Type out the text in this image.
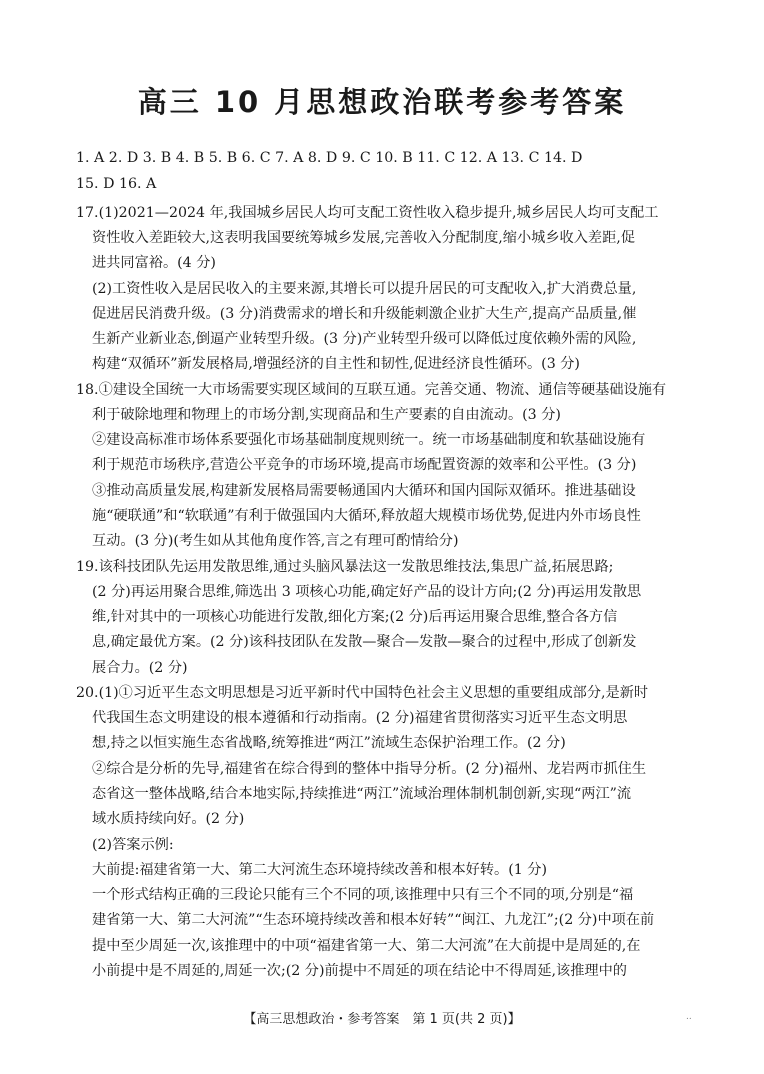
高三 10 月思想政治联考参考答案
1. A 2. D 3. B 4. B 5. B 6. C 7. A 8. D 9. C 10. B 11. C 12. A 13. C 14. D
15. D 16. A
17.(1)2021—2024 年,我国城乡居民人均可支配工资性收入稳步提升,城乡居民人均可支配工
资性收入差距较大,这表明我国要统筹城乡发展,完善收入分配制度,缩小城乡收入差距,促
进共同富裕。(4 分)
(2)工资性收入是居民收入的主要来源,其增长可以提升居民的可支配收入,扩大消费总量,
促进居民消费升级。(3 分)消费需求的增长和升级能刺激企业扩大生产,提高产品质量,催
生新产业新业态,倒逼产业转型升级。(3 分)产业转型升级可以降低过度依赖外需的风险,
构建“双循环”新发展格局,增强经济的自主性和韧性,促进经济良性循环。(3 分)
18.①建设全国统一大市场需要实现区域间的互联互通。完善交通、物流、通信等硬基础设施有
利于破除地理和物理上的市场分割,实现商品和生产要素的自由流动。(3 分)
②建设高标准市场体系要强化市场基础制度规则统一。统一市场基础制度和软基础设施有
利于规范市场秩序,营造公平竞争的市场环境,提高市场配置资源的效率和公平性。(3 分)
③推动高质量发展,构建新发展格局需要畅通国内大循环和国内国际双循环。推进基础设
施“硬联通”和“软联通”有利于做强国内大循环,释放超大规模市场优势,促进内外市场良性
互动。(3 分)(考生如从其他角度作答,言之有理可酌情给分)
19.该科技团队先运用发散思维,通过头脑风暴法这一发散思维技法,集思广益,拓展思路;
(2 分)再运用聚合思维,筛选出 3 项核心功能,确定好产品的设计方向;(2 分)再运用发散思
维,针对其中的一项核心功能进行发散,细化方案;(2 分)后再运用聚合思维,整合各方信
息,确定最优方案。(2 分)该科技团队在发散—聚合—发散—聚合的过程中,形成了创新发
展合力。(2 分)
20.(1)①习近平生态文明思想是习近平新时代中国特色社会主义思想的重要组成部分,是新时
代我国生态文明建设的根本遵循和行动指南。(2 分)福建省贯彻落实习近平生态文明思
想,持之以恒实施生态省战略,统筹推进“两江”流域生态保护治理工作。(2 分)
②综合是分析的先导,福建省在综合得到的整体中指导分析。(2 分)福州、龙岩两市抓住生
态省这一整体战略,结合本地实际,持续推进“两江”流域治理体制机制创新,实现“两江”流
域水质持续向好。(2 分)
(2)答案示例:
大前提:福建省第一大、第二大河流生态环境持续改善和根本好转。(1 分)
一个形式结构正确的三段论只能有三个不同的项,该推理中只有三个不同的项,分别是“福
建省第一大、第二大河流”“生态环境持续改善和根本好转”“闽江、九龙江”;(2 分)中项在前
提中至少周延一次,该推理中的中项“福建省第一大、第二大河流”在大前提中是周延的,在
小前提中是不周延的,周延一次;(2 分)前提中不周延的项在结论中不得周延,该推理中的
【高三思想政治・参考答案　第 1 页(共 2 页)】	..
